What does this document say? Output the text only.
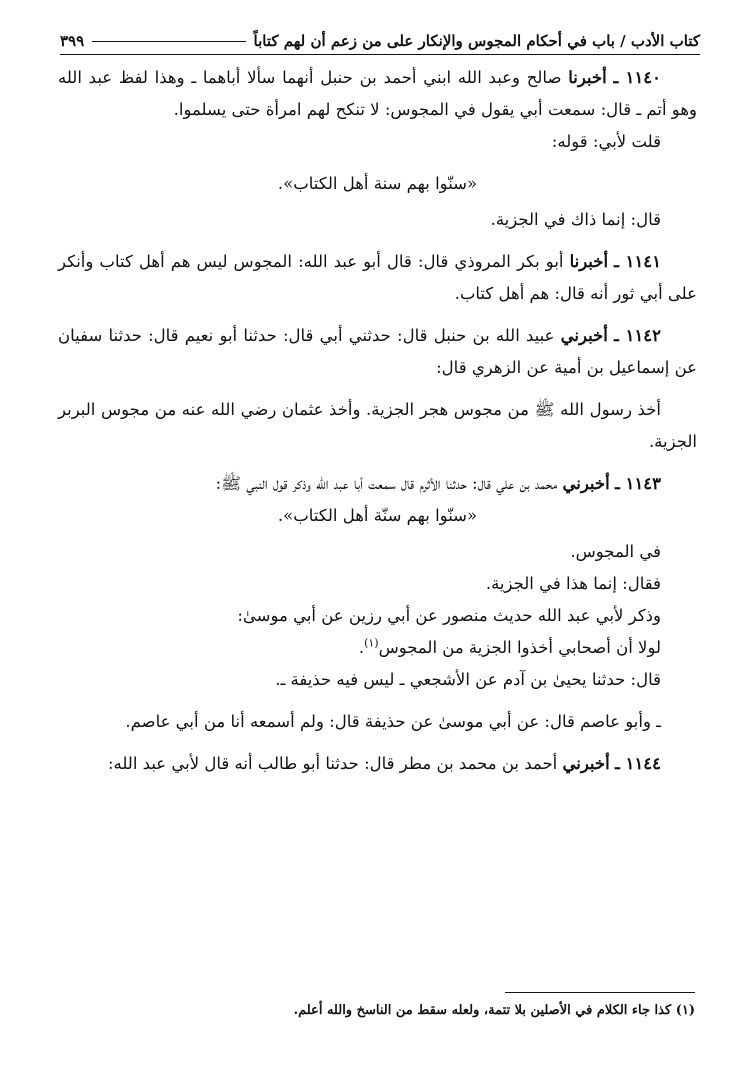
كتاب الأدب / باب في أحكام المجوس والإنكار على من زعم أن لهم كتاباً
٣٩٩

١١٤٠ ـ أخبرنا صالح وعبد الله ابني أحمد بن حنبل أنهما سألا أباهما ـ وهذا لفظ عبد الله وهو أتم ـ قال: سمعت أبي يقول في المجوس: لا تنكح لهم امرأة حتى يسلموا.

قلت لأبي: قوله:

«سنّوا بهم سنة أهل الكتاب».

قال: إنما ذاك في الجزية.

١١٤١ ـ أخبرنا أبو بكر المروذي قال: قال أبو عبد الله: المجوس ليس هم أهل كتاب وأنكر على أبي ثور أنه قال: هم أهل كتاب.

١١٤٢ ـ أخبرني عبيد الله بن حنبل قال: حدثني أبي قال: حدثنا أبو نعيم قال: حدثنا سفيان عن إسماعيل بن أمية عن الزهري قال:

أخذ رسول الله ﷺ من مجوس هجر الجزية. وأخذ عثمان رضي الله عنه من مجوس البربر الجزية.

١١٤٣ ـ أخبرني محمد بن علي قال: حدثنا الأثرم قال سمعت أبا عبد الله وذكر قول النبي ﷺ:

«سنّوا بهم سنّة أهل الكتاب».

في المجوس.

فقال: إنما هذا في الجزية.

وذكر لأبي عبد الله حديث منصور عن أبي رزين عن أبي موسىٰ:

لولا أن أصحابي أخذوا الجزية من المجوس$^{(١)}$.

قال: حدثنا يحيىٰ بن آدم عن الأشجعي ـ ليس فيه حذيفة ـ.

ـ وأبو عاصم قال: عن أبي موسىٰ عن حذيفة قال: ولم أسمعه أنا من أبي عاصم.

١١٤٤ ـ أخبرني أحمد بن محمد بن مطر قال: حدثنا أبو طالب أنه قال لأبي عبد الله:

(١) كذا جاء الكلام في الأصلين بلا تتمة، ولعله سقط من الناسخ والله أعلم.
